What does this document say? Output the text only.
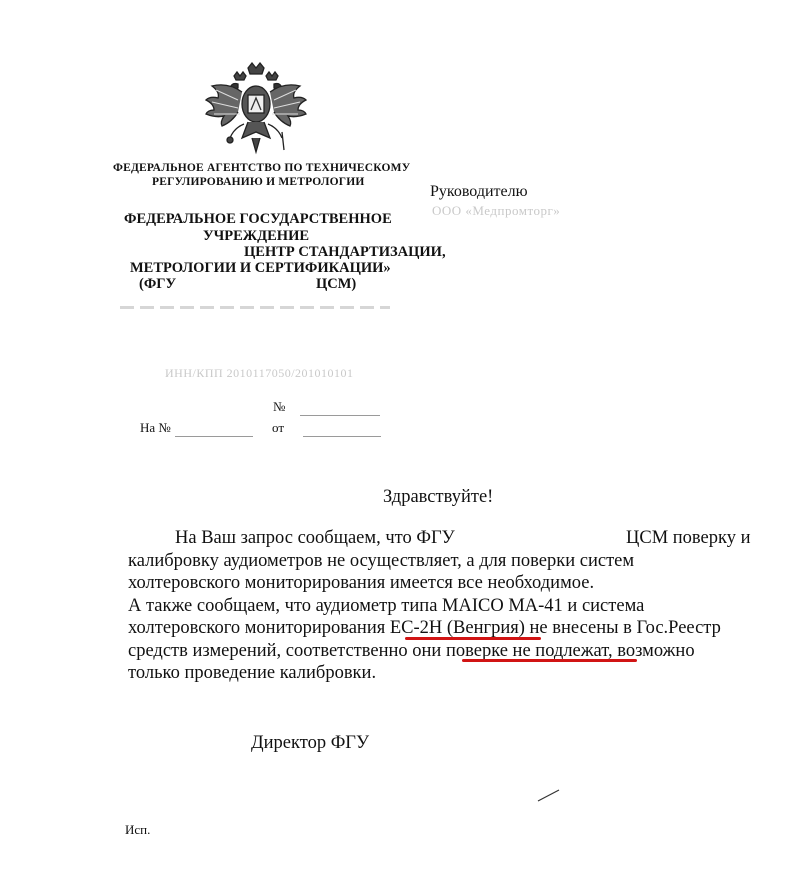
ФЕДЕРАЛЬНОЕ АГЕНТСТВО ПО ТЕХНИЧЕСКОМУ
РЕГУЛИРОВАНИЮ И МЕТРОЛОГИИ
ФЕДЕРАЛЬНОЕ ГОСУДАРСТВЕННОЕ
УЧРЕЖДЕНИЕ
ЦЕНТР СТАНДАРТИЗАЦИИ,
МЕТРОЛОГИИ И СЕРТИФИКАЦИИ»
(ФГУ	ЦСМ)
ИНН/КПП 2010117050/201010101
Руководителю
ООО «Медпромторг»
№
На №	от
Здравствуйте!
На Ваш запрос сообщаем, что ФГУ	ЦСМ поверку и
калибровку аудиометров не осуществляет, а для поверки систем
холтеровского мониторирования имеется все необходимое.
А также сообщаем, что аудиометр типа MAICO MA-41 и система
холтеровского мониторирования ЕС-2Н (Венгрия) не внесены в Гос.Реестр
средств измерений, соответственно они поверке не подлежат, возможно
только проведение калибровки.
Директор ФГУ
Исп.
